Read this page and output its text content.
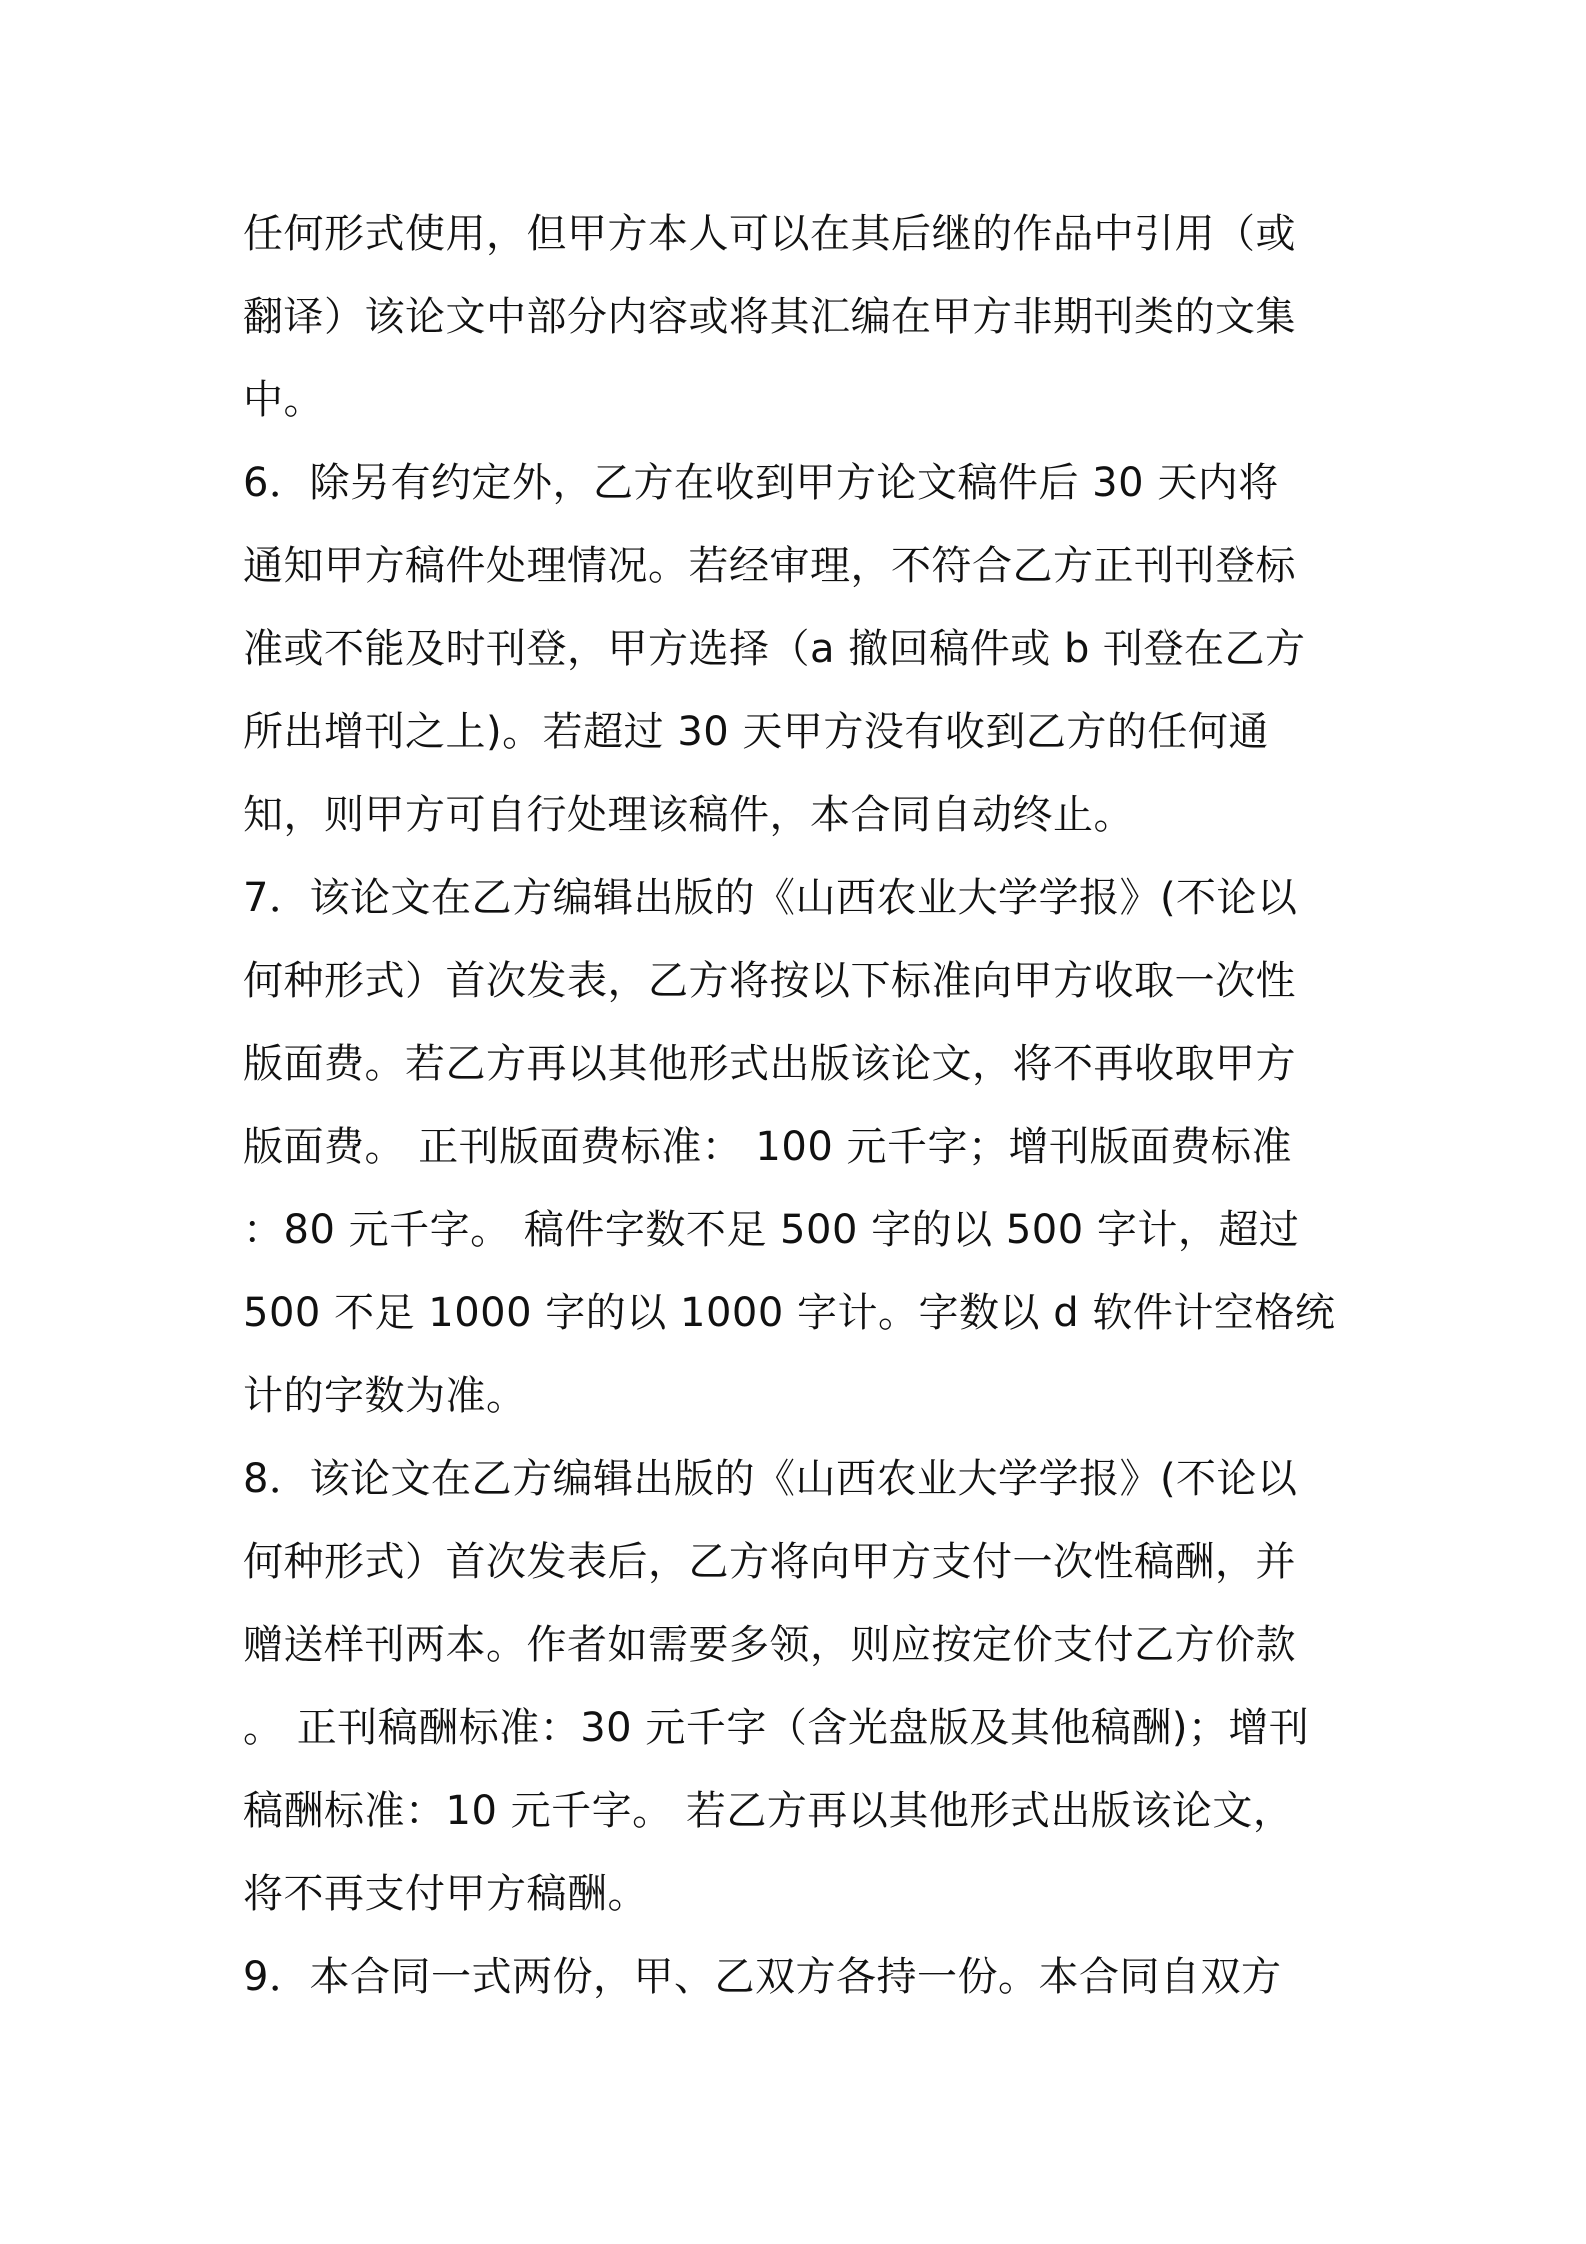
任何形式使用，但甲方本人可以在其后继的作品中引用（或
翻译）该论文中部分内容或将其汇编在甲方非期刊类的文集
中。
6．除另有约定外，乙方在收到甲方论文稿件后 30 天内将
通知甲方稿件处理情况。若经审理，不符合乙方正刊刊登标
准或不能及时刊登，甲方选择（a 撤回稿件或 b 刊登在乙方
所出增刊之上)。若超过 30 天甲方没有收到乙方的任何通
知，则甲方可自行处理该稿件，本合同自动终止。
7．该论文在乙方编辑出版的《山西农业大学学报》(不论以
何种形式）首次发表，乙方将按以下标准向甲方收取一次性
版面费。若乙方再以其他形式出版该论文，将不再收取甲方
版面费。 正刊版面费标准： 100 元千字；增刊版面费标准
：80 元千字。 稿件字数不足 500 字的以 500 字计，超过
500 不足 1000 字的以 1000 字计。字数以 d 软件计空格统
计的字数为准。
8．该论文在乙方编辑出版的《山西农业大学学报》(不论以
何种形式）首次发表后，乙方将向甲方支付一次性稿酬，并
赠送样刊两本。作者如需要多领，则应按定价支付乙方价款
。 正刊稿酬标准：30 元千字（含光盘版及其他稿酬)；增刊
稿酬标准：10 元千字。 若乙方再以其他形式出版该论文，
将不再支付甲方稿酬。
9．本合同一式两份，甲、乙双方各持一份。本合同自双方
